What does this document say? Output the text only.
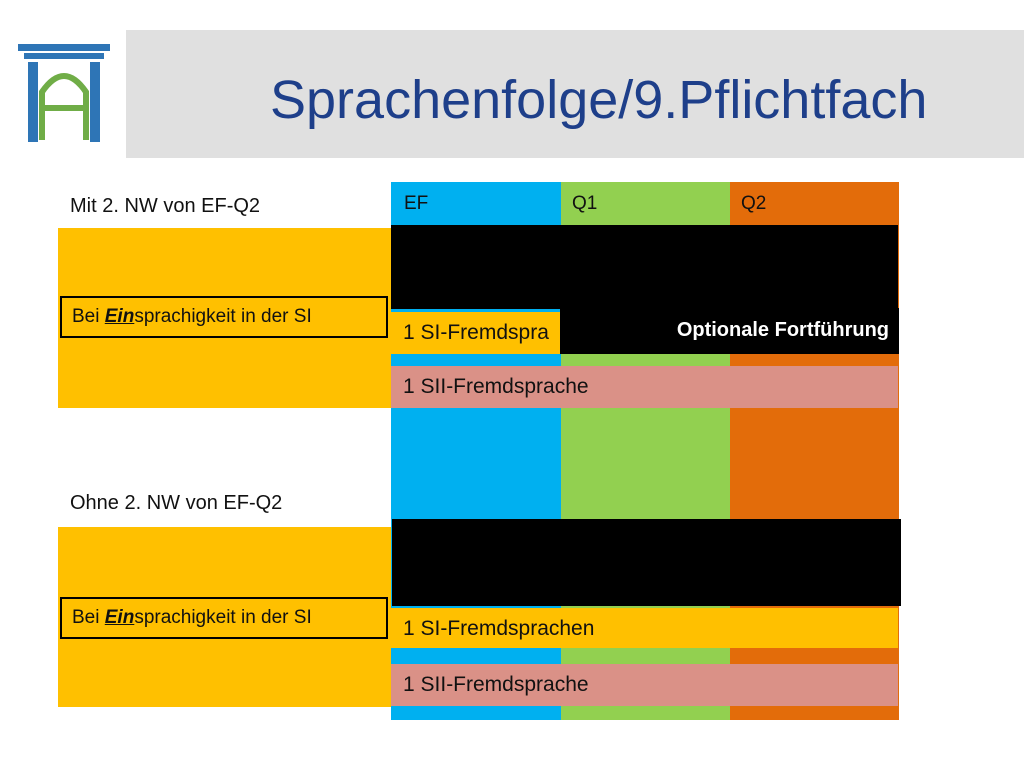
Sprachenfolge/9.Pflichtfach
EF	Q1	Q2
Mit 2. NW von EF-Q2
1 SI-Fremdspra	Optionale Fortführung
1 SII-Fremdsprache
Bei Einsprachigkeit in der SI
Ohne 2. NW von EF-Q2
1 SI-Fremdsprachen
1 SII-Fremdsprache
Bei Einsprachigkeit in der SI
